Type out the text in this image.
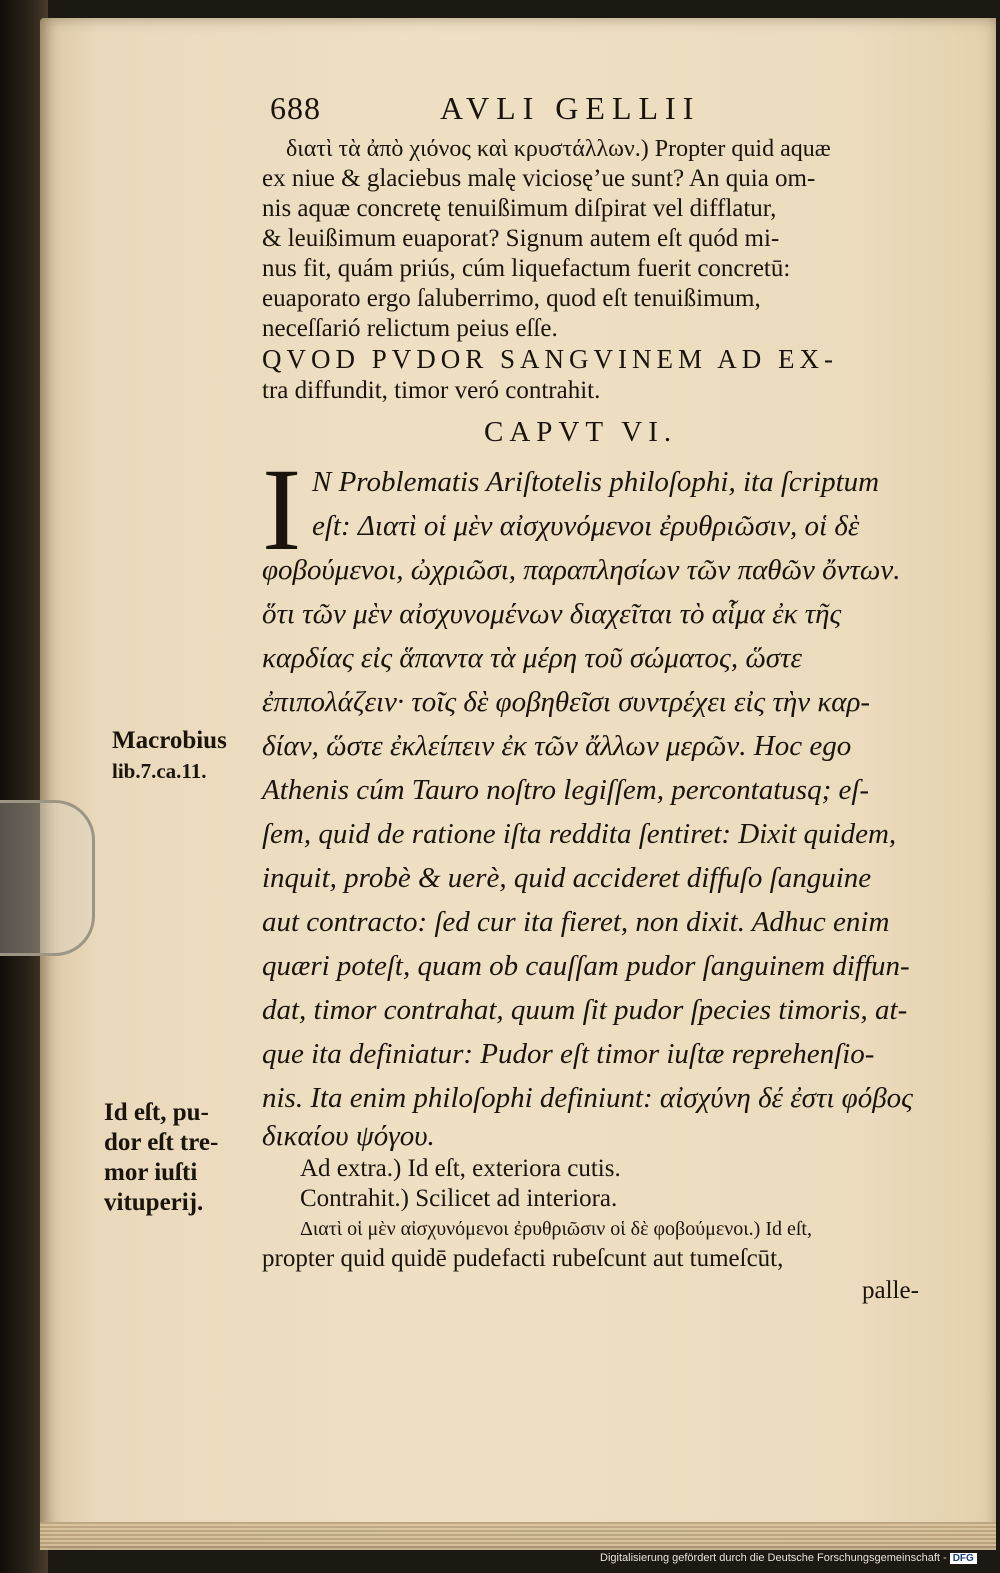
688	AVLI GELLII
διατὶ τὰ ἀπὸ χιόνος καὶ κρυστάλλων.) Propter quid aquæ
ex niue & glaciebus malę viciosę’ue sunt? An quia om-
nis aquæ concretę tenuißimum diſpirat vel difflatur,
& leuißimum euaporat? Signum autem eſt quód mi-
nus fit, quám priús, cúm liquefactum fuerit concretū:
euaporato ergo ſaluberrimo, quod eſt tenuißimum,
neceſſarió relictum peius eſſe.
QVOD PVDOR SANGVINEM AD EX-
tra diffundit, timor veró contrahit.
CAPVT VI.
I N Problematis Ariſtotelis philoſophi, ita ſcriptum
eſt: Διατὶ οἱ μὲν αἰσχυνόμενοι ἐρυθριῶσιν, οἱ δὲ
φοβούμενοι, ὠχριῶσι, παραπλησίων τῶν παθῶν ὄντων.
ὅτι τῶν μὲν αἰσχυνομένων διαχεῖται τὸ αἷμα ἐκ τῆς
καρδίας εἰς ἅπαντα τὰ μέρη τοῦ σώματος, ὥστε
ἐπιπολάζειν· τοῖς δὲ φοβηθεῖσι συντρέχει εἰς τὴν καρ-
δίαν, ὥστε ἐκλείπειν ἐκ τῶν ἄλλων μερῶν. Hoc ego
Athenis cúm Tauro noſtro legiſſem, percontatusq; eſ-
ſem, quid de ratione iſta reddita ſentiret: Dixit quidem,
inquit, probè & uerè, quid accideret diffuſo ſanguine
aut contracto: ſed cur ita fieret, non dixit. Adhuc enim
quæri poteſt, quam ob cauſſam pudor ſanguinem diffun-
dat, timor contrahat, quum ſit pudor ſpecies timoris, at-
que ita definiatur: Pudor eſt timor iuſtæ reprehenſio-
nis. Ita enim philoſophi definiunt: αἰσχύνη δέ ἐστι φόβος
δικαίου ψόγου.
Macrobius
lib.7.ca.11.
Id eſt, pu-
dor eſt tre-
mor iuſti
vituperij.
Ad extra.) Id eſt, exteriora cutis.
Contrahit.) Scilicet ad interiora.
Διατὶ οἱ μὲν αἰσχυνόμενοι ἐρυθριῶσιν οἱ δὲ φοβούμενοι.) Id eſt,
propter quid quidē pudefacti rubeſcunt aut tumeſcūt,
palle-
Digitalisierung gefördert durch die Deutsche Forschungsgemeinschaft - DFG
